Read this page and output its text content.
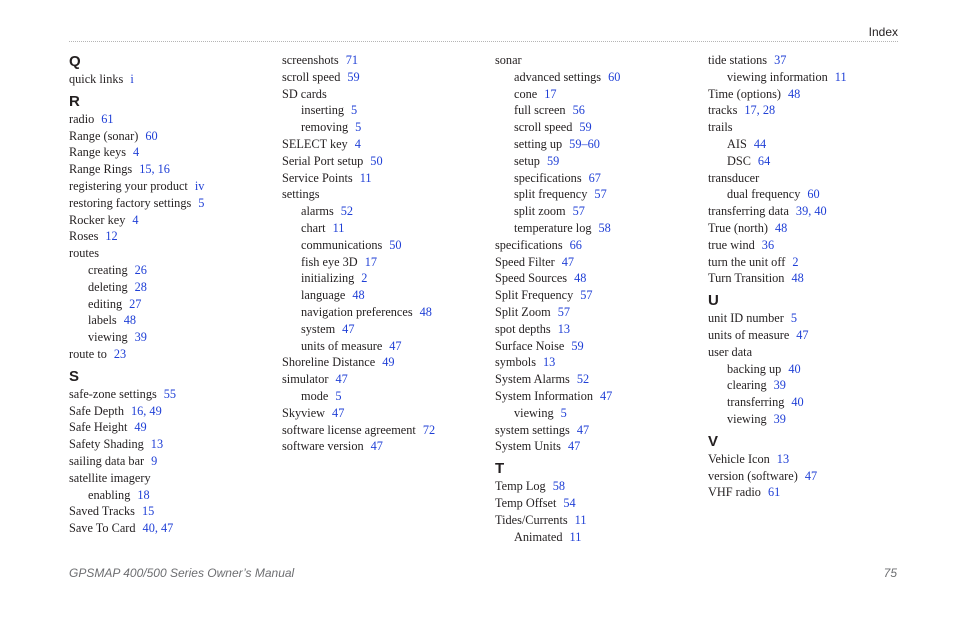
Index
Q
quick links i
R
radio 61
Range (sonar) 60
Range keys 4
Range Rings 15, 16
registering your product iv
restoring factory settings 5
Rocker key 4
Roses 12
routes
creating 26
deleting 28
editing 27
labels 48
viewing 39
route to 23
S
safe-zone settings 55
Safe Depth 16, 49
Safe Height 49
Safety Shading 13
sailing data bar 9
satellite imagery
enabling 18
Saved Tracks 15
Save To Card 40, 47
screenshots 71
scroll speed 59
SD cards
inserting 5
removing 5
SELECT key 4
Serial Port setup 50
Service Points 11
settings
alarms 52
chart 11
communications 50
fish eye 3D 17
initializing 2
language 48
navigation preferences 48
system 47
units of measure 47
Shoreline Distance 49
simulator 47
mode 5
Skyview 47
software license agreement 72
software version 47
sonar
advanced settings 60
cone 17
full screen 56
scroll speed 59
setting up 59–60
setup 59
specifications 67
split frequency 57
split zoom 57
temperature log 58
specifications 66
Speed Filter 47
Speed Sources 48
Split Frequency 57
Split Zoom 57
spot depths 13
Surface Noise 59
symbols 13
System Alarms 52
System Information 47
viewing 5
system settings 47
System Units 47
T
Temp Log 58
Temp Offset 54
Tides/Currents 11
Animated 11
tide stations 37
viewing information 11
Time (options) 48
tracks 17, 28
trails
AIS 44
DSC 64
transducer
dual frequency 60
transferring data 39, 40
True (north) 48
true wind 36
turn the unit off 2
Turn Transition 48
U
unit ID number 5
units of measure 47
user data
backing up 40
clearing 39
transferring 40
viewing 39
V
Vehicle Icon 13
version (software) 47
VHF radio 61
GPSMAP 400/500 Series Owner’s Manual	75
